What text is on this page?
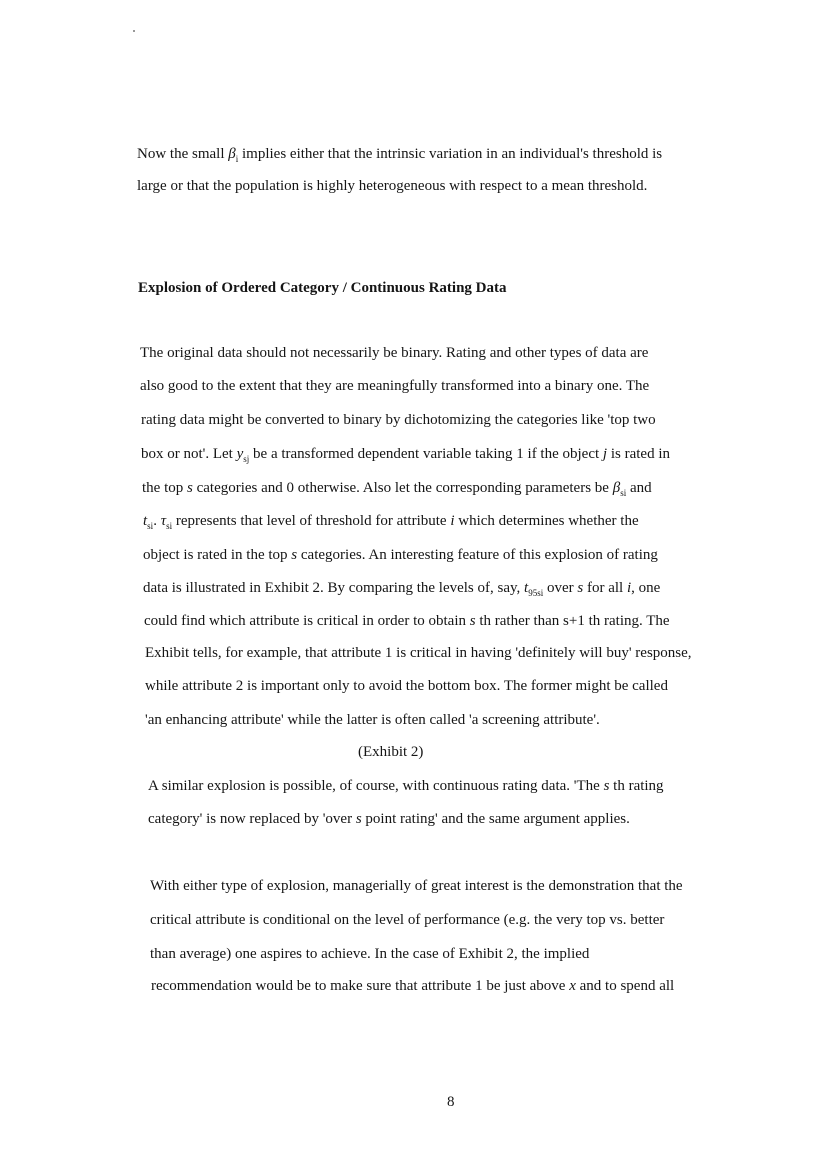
Now the small $\beta_i$ implies either that the intrinsic variation in an individual's threshold is
large or that the population is highly heterogeneous with respect to a mean threshold.
Explosion of Ordered Category / Continuous Rating Data
The original data should not necessarily be binary. Rating and other types of data are
also good to the extent that they are meaningfully transformed into a binary one. The
rating data might be converted to binary by dichotomizing the categories like 'top two
box or not'. Let $y_{sj}$ be a transformed dependent variable taking 1 if the object j is rated in
the top s categories and 0 otherwise. Also let the corresponding parameters be $\beta_{si}$ and
$t_{si}$. $\tau_{si}$ represents that level of threshold for attribute i which determines whether the
object is rated in the top s categories. An interesting feature of this explosion of rating
data is illustrated in Exhibit 2. By comparing the levels of, say, $t_{95si}$ over s for all i, one
could find which attribute is critical in order to obtain s th rather than s+1 th rating. The
Exhibit tells, for example, that attribute 1 is critical in having 'definitely will buy' response,
while attribute 2 is important only to avoid the bottom box. The former might be called
'an enhancing attribute' while the latter is often called 'a screening attribute'.
(Exhibit 2)
A similar explosion is possible, of course, with continuous rating data. 'The s th rating
category' is now replaced by 'over s point rating' and the same argument applies.
With either type of explosion, managerially of great interest is the demonstration that the
critical attribute is conditional on the level of performance (e.g. the very top vs. better
than average) one aspires to achieve. In the case of Exhibit 2, the implied
recommendation would be to make sure that attribute 1 be just above x and to spend all
8
